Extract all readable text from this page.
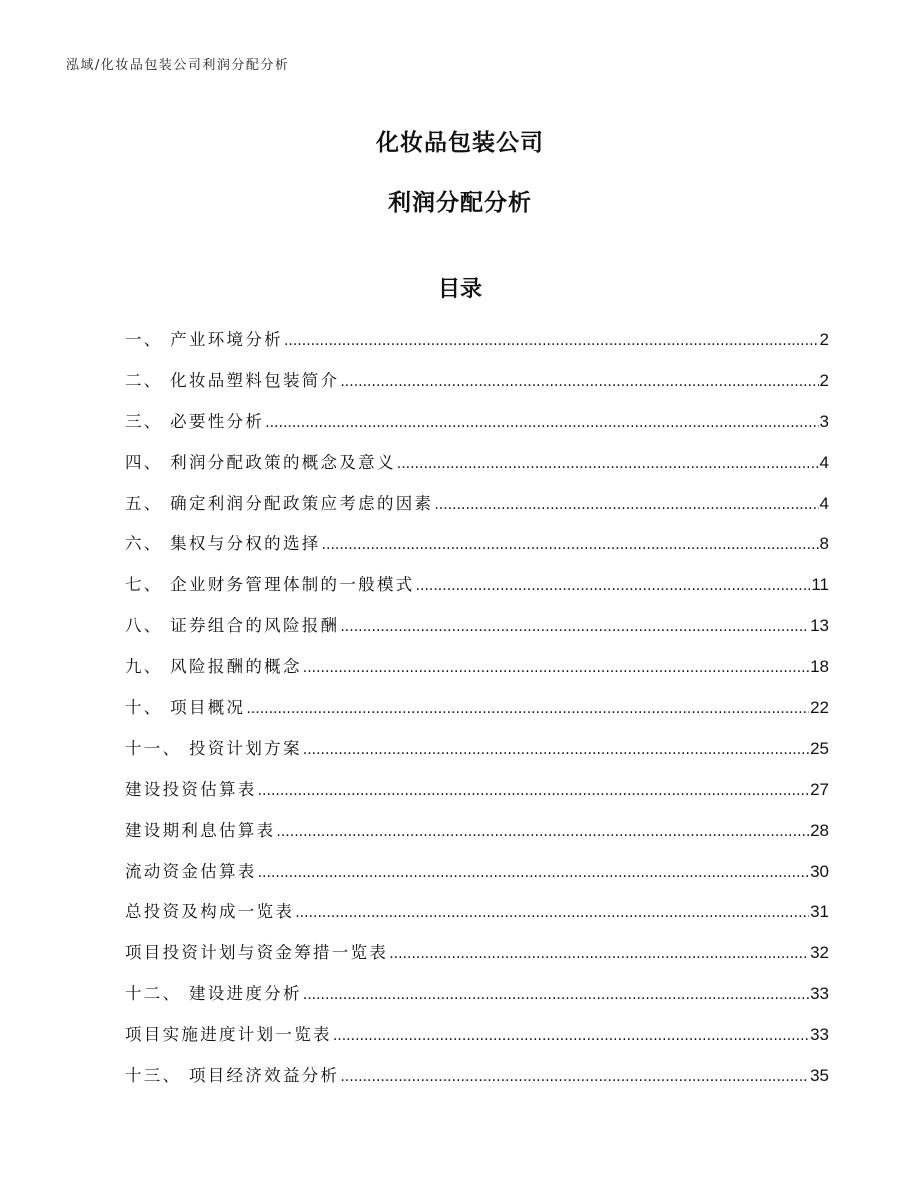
泓域/化妆品包装公司利润分配分析
化妆品包装公司
利润分配分析
目录
一、 产业环境分析 .....	2
二、 化妆品塑料包装简介 .....	2
三、 必要性分析 .....	3
四、 利润分配政策的概念及意义 .....	4
五、 确定利润分配政策应考虑的因素 .....	4
六、 集权与分权的选择 .....	8
七、 企业财务管理体制的一般模式 .....	11
八、 证券组合的风险报酬 .....	13
九、 风险报酬的概念 .....	18
十、 项目概况 .....	22
十一、 投资计划方案 .....	25
建设投资估算表 .....	27
建设期利息估算表 .....	28
流动资金估算表 .....	30
总投资及构成一览表 .....	31
项目投资计划与资金筹措一览表 .....	32
十二、 建设进度分析 .....	33
项目实施进度计划一览表 .....	33
十三、 项目经济效益分析 .....	35
